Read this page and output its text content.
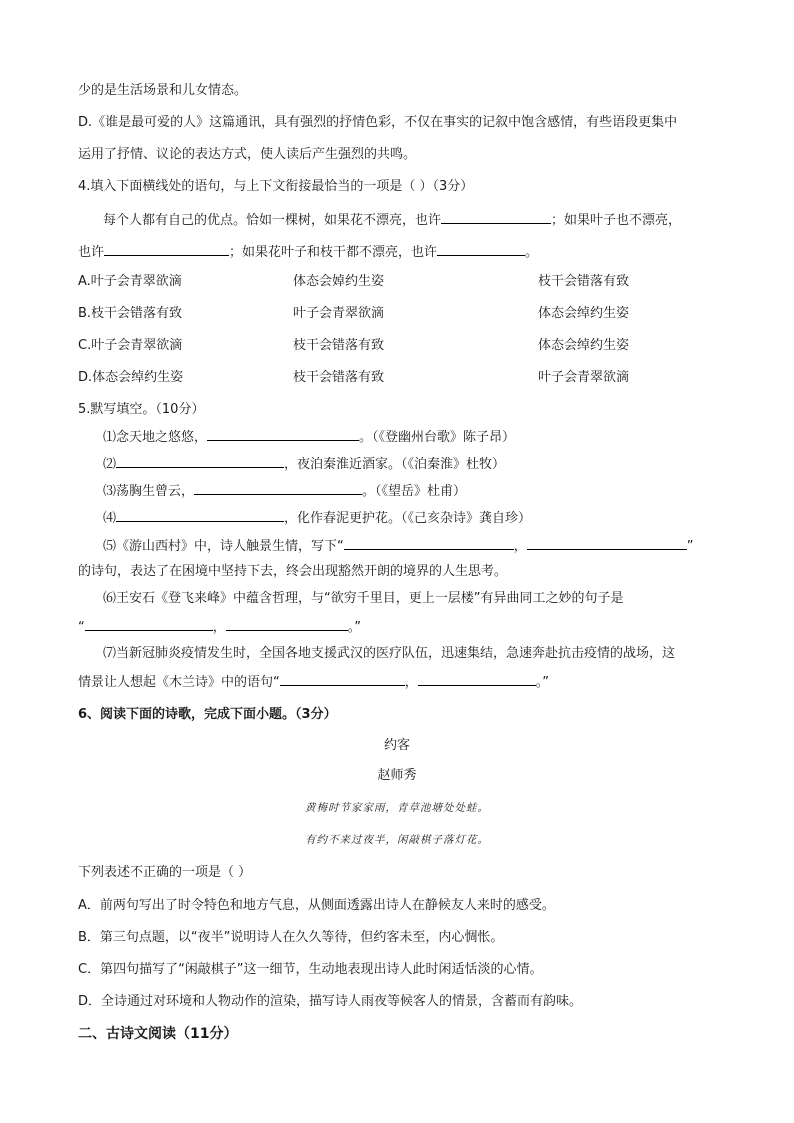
少的是生活场景和儿女情态。
D.《谁是最可爱的人》这篇通讯，具有强烈的抒情色彩，不仅在事实的记叙中饱含感情，有些语段更集中
运用了抒情、议论的表达方式，使人读后产生强烈的共鸣。
4.填入下面横线处的语句，与上下文衔接最恰当的一项是（ ）（3分）
每个人都有自己的优点。恰如一棵树，如果花不漂亮，也许	；如果叶子也不漂亮，
也许	；如果花叶子和枝干都不漂亮，也许	。
A.叶子会青翠欲滴	体态会婥约生姿	枝干会错落有致
B.枝干会错落有致	叶子会青翠欲滴	体态会绰约生姿
C.叶子会青翠欲滴	枝干会错落有致	体态会绰约生姿
D.体态会绰约生姿	枝干会错落有致	叶子会青翠欲滴
5.默写填空。（10分）
⑴念天地之悠悠，	。（《登幽州台歌》陈子昂）
⑵	，夜泊秦淮近酒家。（《泊秦淮》杜牧）
⑶荡胸生曾云，	。（《望岳》杜甫）
⑷	，化作春泥更护花。（《己亥杂诗》龚自珍）
⑸《游山西村》中，诗人触景生情，写下“	，	”
的诗句，表达了在困境中坚持下去，终会出现豁然开朗的境界的人生思考。
⑹王安石《登飞来峰》中蕴含哲理，与“欲穷千里目，更上一层楼”有异曲同工之妙的句子是
“	，	。”
⑺当新冠肺炎疫情发生时，全国各地支援武汉的医疗队伍，迅速集结，急速奔赴抗击疫情的战场，这
情景让人想起《木兰诗》中的语句“	，	。”
6、阅读下面的诗歌，完成下面小题。（3分）
约客
赵师秀
黄梅时节家家雨，青草池塘处处蛙。
有约不来过夜半，闲敲棋子落灯花。
下列表述不正确的一项是（ ）
A．前两句写出了时令特色和地方气息，从侧面透露出诗人在静候友人来时的感受。
B．第三句点题，以“夜半”说明诗人在久久等待，但约客未至，内心惆怅。
C．第四句描写了“闲敲棋子”这一细节，生动地表现出诗人此时闲适恬淡的心情。
D．全诗通过对环境和人物动作的渲染，描写诗人雨夜等候客人的情景，含蓄而有韵味。
二、古诗文阅读（11分）
